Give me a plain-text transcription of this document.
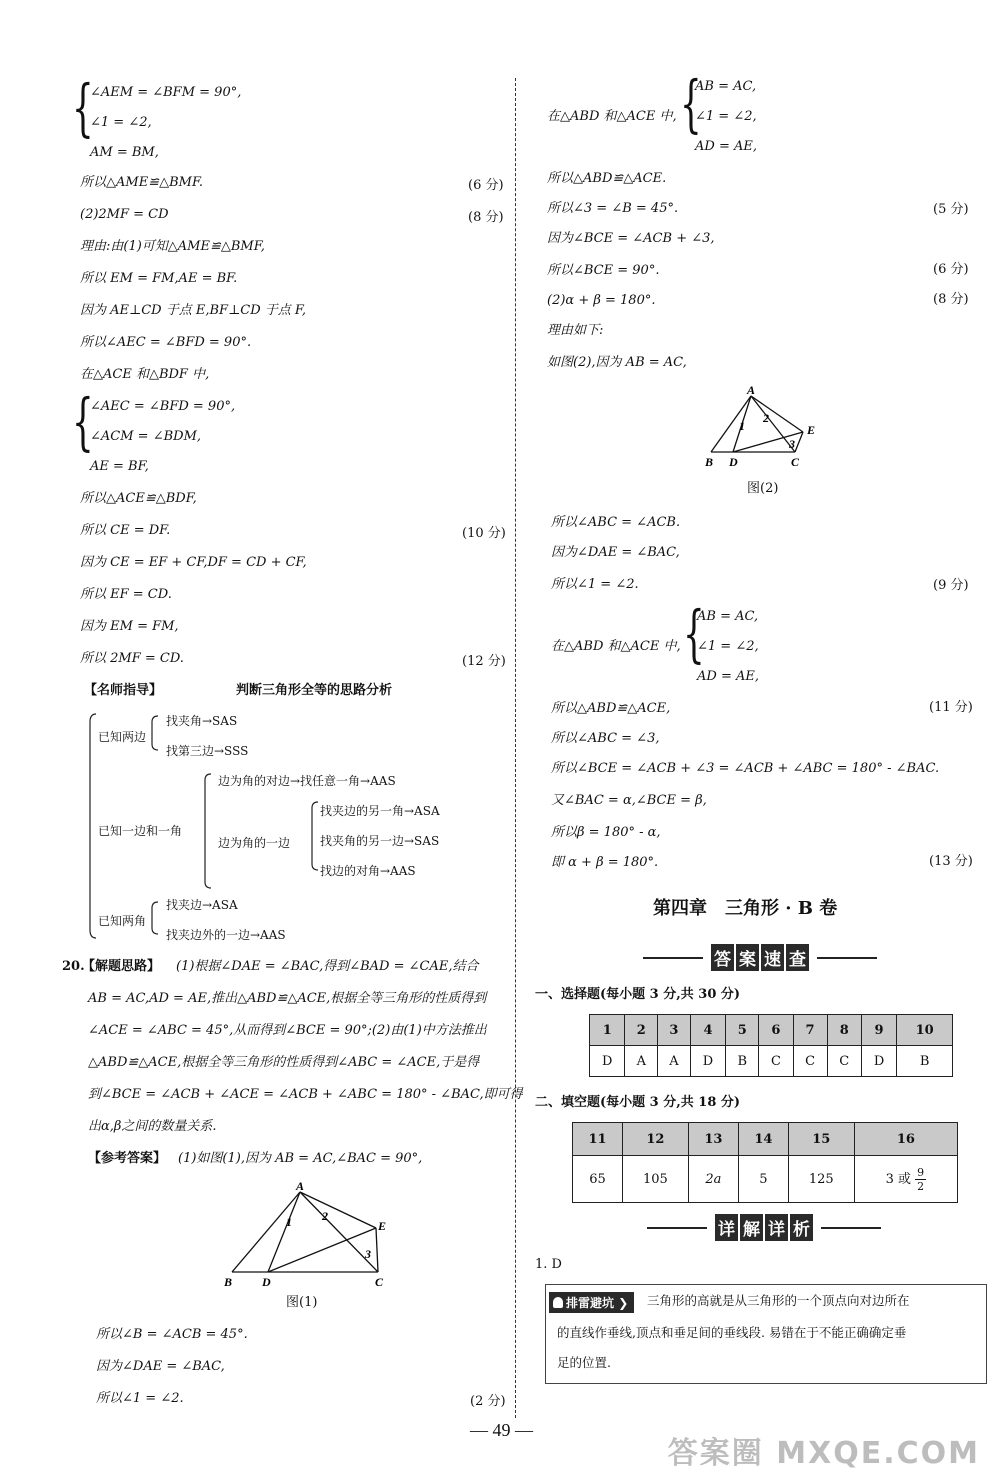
{
∠AEM = ∠BFM = 90°,
∠1 = ∠2,
AM = BM,
所以△AME≌△BMF.	(6 分)
(2)2MF = CD	(8 分)
理由:由(1)可知△AME≌△BMF,
所以 EM = FM,AE = BF.
因为 AE⊥CD 于点 E,BF⊥CD 于点 F,
所以∠AEC = ∠BFD = 90°.
在△ACE 和△BDF 中,
{
∠AEC = ∠BFD = 90°,
∠ACM = ∠BDM,
AE = BF,
所以△ACE≌△BDF,
所以 CE = DF.	(10 分)
因为 CE = EF + CF,DF = CD + CF,
所以 EF = CD.
因为 EM = FM,
所以 2MF = CD.	(12 分)
【名师指导】	判断三角形全等的思路分析
已知两边
找夹角→SAS
找第三边→SSS
已知一边和一角
边为角的对边→找任意一角→AAS
边为角的一边
找夹边的另一角→ASA
找夹角的另一边→SAS
找边的对角→AAS
已知两角
找夹边→ASA
找夹边外的一边→AAS
20.
【解题思路】 (1)根据∠DAE = ∠BAC,得到∠BAD = ∠CAE,结合
AB = AC,AD = AE,推出△ABD≌△ACE,根据全等三角形的性质得到
∠ACE = ∠ABC = 45°,从而得到∠BCE = 90°;(2)由(1)中方法推出
△ABD≌△ACE,根据全等三角形的性质得到∠ABC = ∠ACE,于是得
到∠BCE = ∠ACB + ∠ACE = ∠ACB + ∠ABC = 180° - ∠BAC,即可得
出α,β之间的数量关系.
【参考答案】 (1)如图(1),因为 AB = AC,∠BAC = 90°,
A
B D	C
E
1	2
3
图(1)
所以∠B = ∠ACB = 45°.
因为∠DAE = ∠BAC,
所以∠1 = ∠2.	(2 分)
在△ABD 和△ACE 中, {
AB = AC,
∠1 = ∠2,
AD = AE,
所以△ABD≌△ACE.
所以∠3 = ∠B = 45°.	(5 分)
因为∠BCE = ∠ACB + ∠3,
所以∠BCE = 90°.	(6 分)
(2)α + β = 180°.	(8 分)
理由如下:
如图(2),因为 AB = AC,
A
B D	C
E
1
2
3
图(2)
所以∠ABC = ∠ACB.
因为∠DAE = ∠BAC,
所以∠1 = ∠2.	(9 分)
在△ABD 和△ACE 中, {
AB = AC,
∠1 = ∠2,
AD = AE,
所以△ABD≌△ACE,	(11 分)
所以∠ABC = ∠3,
所以∠BCE = ∠ACB + ∠3 = ∠ACB + ∠ABC = 180° - ∠BAC.
又∠BAC = α,∠BCE = β,
所以β = 180° - α,
即 α + β = 180°.	(13 分)
第四章　三角形 · B 卷
答 案 速 查
一、选择题(每小题 3 分,共 30 分)
1	2	3	4	5	6	7	8	9	10
D	A	A	D	B	C	C	C	D	B
二、填空题(每小题 3 分,共 18 分)
11	12	13	14	15	16
65	105	2a	5	125	3 或 $\frac{9}{2}$
详 解 详 析
1. D
排雷避坑 ❯	三角形的高就是从三角形的一个顶点向对边所在
的直线作垂线,顶点和垂足间的垂线段. 易错在于不能正确确定垂
足的位置.
— 49 —
答案圈 MXQE.COM
